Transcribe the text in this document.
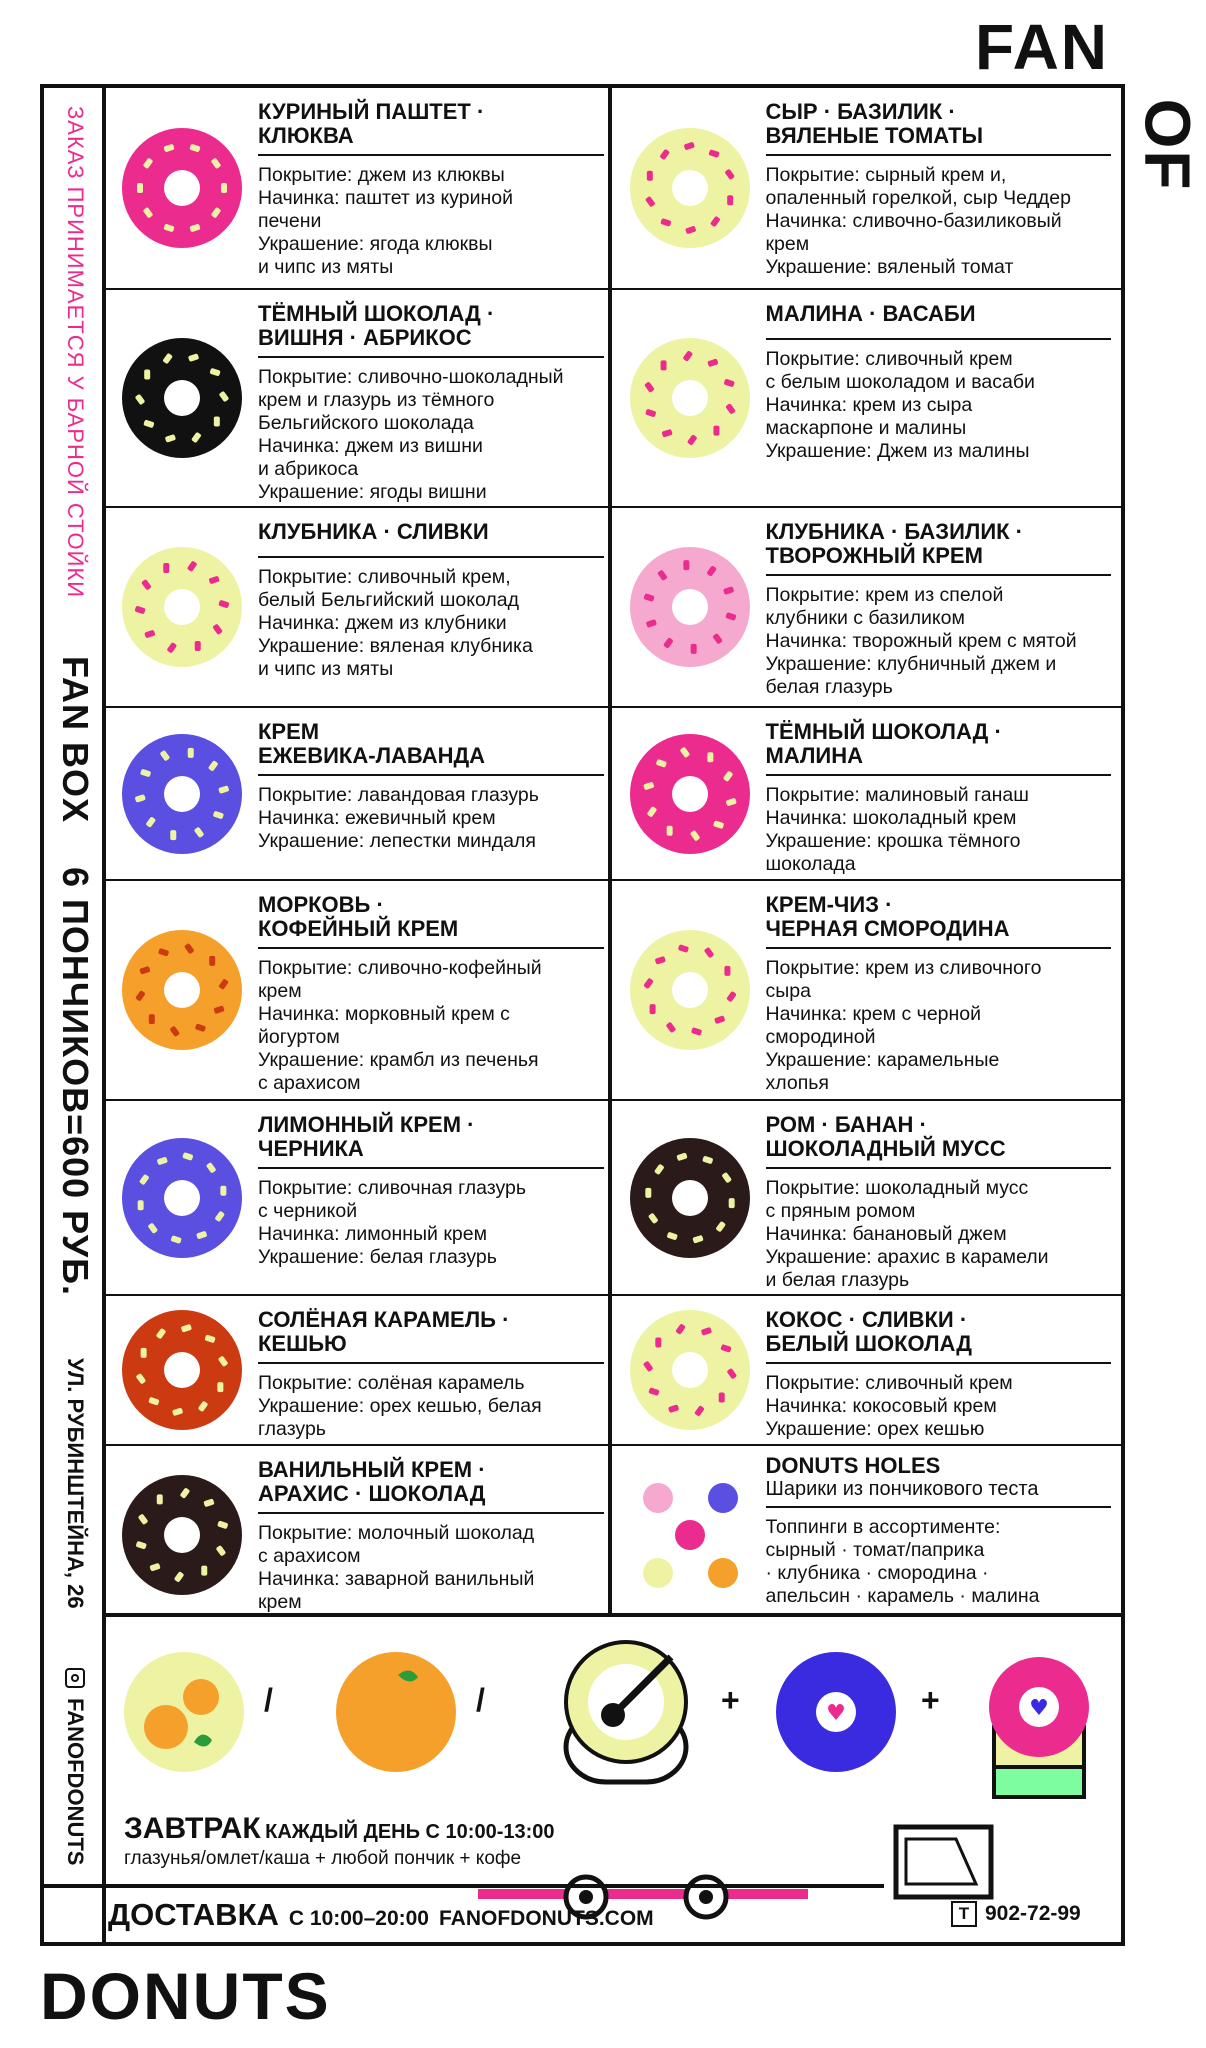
FAN
OF
DONUTS
ЗАКАЗ ПРИНИМАЕТСЯ У БАРНОЙ СТОЙКИ
FAN BOX    6 ПОНЧИКОВ=600 РУБ.
УЛ. РУБИНШТЕЙНА, 26
FANOFDONUTS
КУРИНЫЙ ПАШТЕТ ·
КЛЮКВА
Покрытие: джем из клюквы
Начинка: паштет из куриной
печени
Украшение: ягода клюквы
и чипс из мяты
СЫР · БАЗИЛИК ·
ВЯЛЕНЫЕ ТОМАТЫ
Покрытие: сырный крем и,
опаленный горелкой, сыр Чеддер
Начинка: сливочно-базиликовый
крем
Украшение: вяленый томат
ТЁМНЫЙ ШОКОЛАД ·
ВИШНЯ · АБРИКОС
Покрытие: сливочно-шоколадный
крем и глазурь из тёмного
Бельгийского шоколада
Начинка: джем из вишни
и абрикоса
Украшение: ягоды вишни
МАЛИНА · ВАСАБИ
Покрытие: сливочный крем
с белым шоколадом и васаби
Начинка: крем из сыра
маскарпоне и малины
Украшение: Джем из малины
КЛУБНИКА · СЛИВКИ
Покрытие: сливочный крем,
белый Бельгийский шоколад
Начинка: джем из клубники
Украшение: вяленая клубника
и чипс из мяты
КЛУБНИКА · БАЗИЛИК ·
ТВОРОЖНЫЙ КРЕМ
Покрытие: крем из спелой
клубники с базиликом
Начинка: творожный крем с мятой
Украшение: клубничный джем и
белая глазурь
КРЕМ
ЕЖЕВИКА-ЛАВАНДА
Покрытие: лавандовая глазурь
Начинка: ежевичный крем
Украшение: лепестки миндаля
ТЁМНЫЙ ШОКОЛАД ·
МАЛИНА
Покрытие: малиновый ганаш
Начинка: шоколадный крем
Украшение: крошка тёмного
шоколада
МОРКОВЬ ·
КОФЕЙНЫЙ КРЕМ
Покрытие: сливочно-кофейный
крем
Начинка: морковный крем с
йогуртом
Украшение: крамбл из печенья
с арахисом
КРЕМ-ЧИЗ ·
ЧЕРНАЯ СМОРОДИНА
Покрытие: крем из сливочного
сыра
Начинка: крем с черной
смородиной
Украшение: карамельные
хлопья
ЛИМОННЫЙ КРЕМ ·
ЧЕРНИКА
Покрытие: сливочная глазурь
с черникой
Начинка: лимонный крем
Украшение: белая глазурь
РОМ · БАНАН ·
ШОКОЛАДНЫЙ МУСС
Покрытие: шоколадный мусс
с пряным ромом
Начинка: банановый джем
Украшение: арахис в карамели
и белая глазурь
СОЛЁНАЯ КАРАМЕЛЬ ·
КЕШЬЮ
Покрытие: солёная карамель
Украшение: орех кешью, белая
глазурь
КОКОС · СЛИВКИ ·
БЕЛЫЙ ШОКОЛАД
Покрытие: сливочный крем
Начинка: кокосовый крем
Украшение: орех кешью
ВАНИЛЬНЫЙ КРЕМ ·
АРАХИС · ШОКОЛАД
Покрытие: молочный шоколад
с арахисом
Начинка: заварной ванильный
крем
DONUTS HOLES
Шарики из пончикового теста
Топпинги в ассортименте:
сырный · томат/паприка
· клубника · смородина ·
апельсин · карамель · малина
♥	♥
/	/	+	+
ЗАВТРАК КАЖДЫЙ ДЕНЬ С 10:00-13:00
глазунья/омлет/каша + любой пончик + кофе
ДОСТАВКА С 10:00–20:00 FANOFDONUTS.COM	Т 902-72-99
